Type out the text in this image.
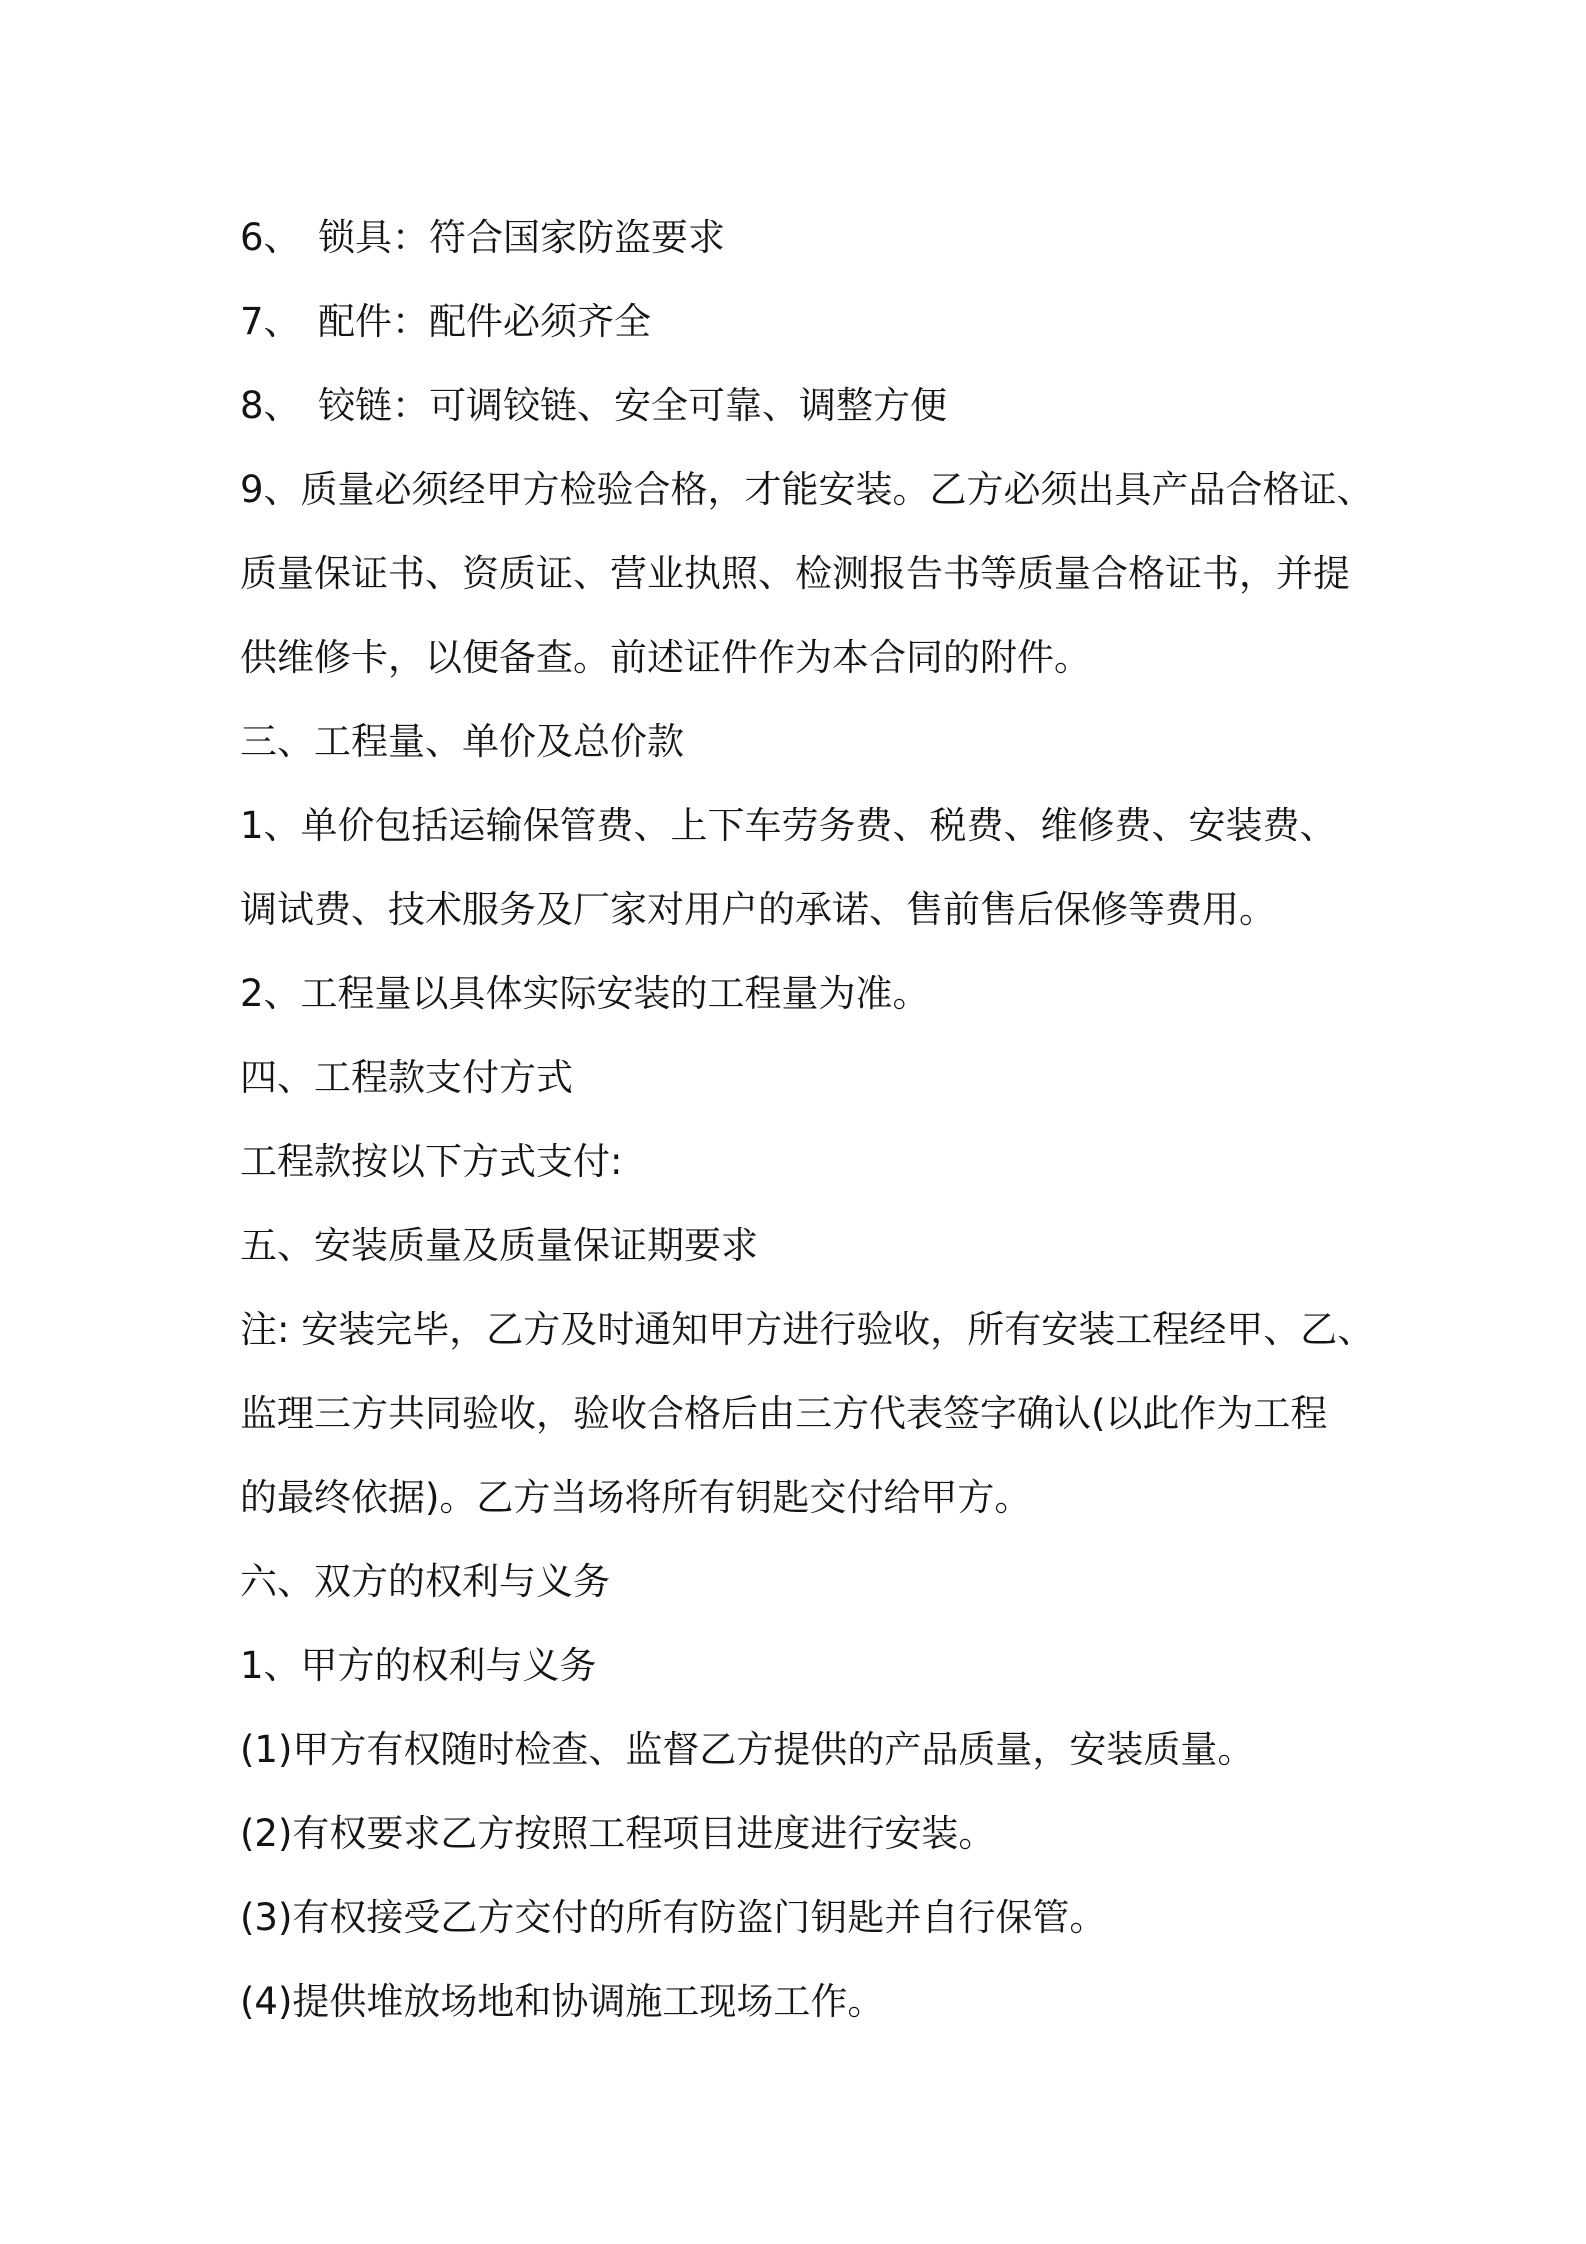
6、 锁具：符合国家防盗要求

7、 配件：配件必须齐全

8、 铰链：可调铰链、安全可靠、调整方便

9、质量必须经甲方检验合格，才能安装。乙方必须出具产品合格证、

质量保证书、资质证、营业执照、检测报告书等质量合格证书，并提

供维修卡，以便备查。前述证件作为本合同的附件。

三、工程量、单价及总价款

1、单价包括运输保管费、上下车劳务费、税费、维修费、安装费、

调试费、技术服务及厂家对用户的承诺、售前售后保修等费用。

2、工程量以具体实际安装的工程量为准。

四、工程款支付方式

工程款按以下方式支付:

五、安装质量及质量保证期要求

注: 安装完毕，乙方及时通知甲方进行验收，所有安装工程经甲、乙、

监理三方共同验收，验收合格后由三方代表签字确认(以此作为工程

的最终依据)。乙方当场将所有钥匙交付给甲方。

六、双方的权利与义务

1、甲方的权利与义务

(1)甲方有权随时检查、监督乙方提供的产品质量，安装质量。

(2)有权要求乙方按照工程项目进度进行安装。

(3)有权接受乙方交付的所有防盗门钥匙并自行保管。

(4)提供堆放场地和协调施工现场工作。
